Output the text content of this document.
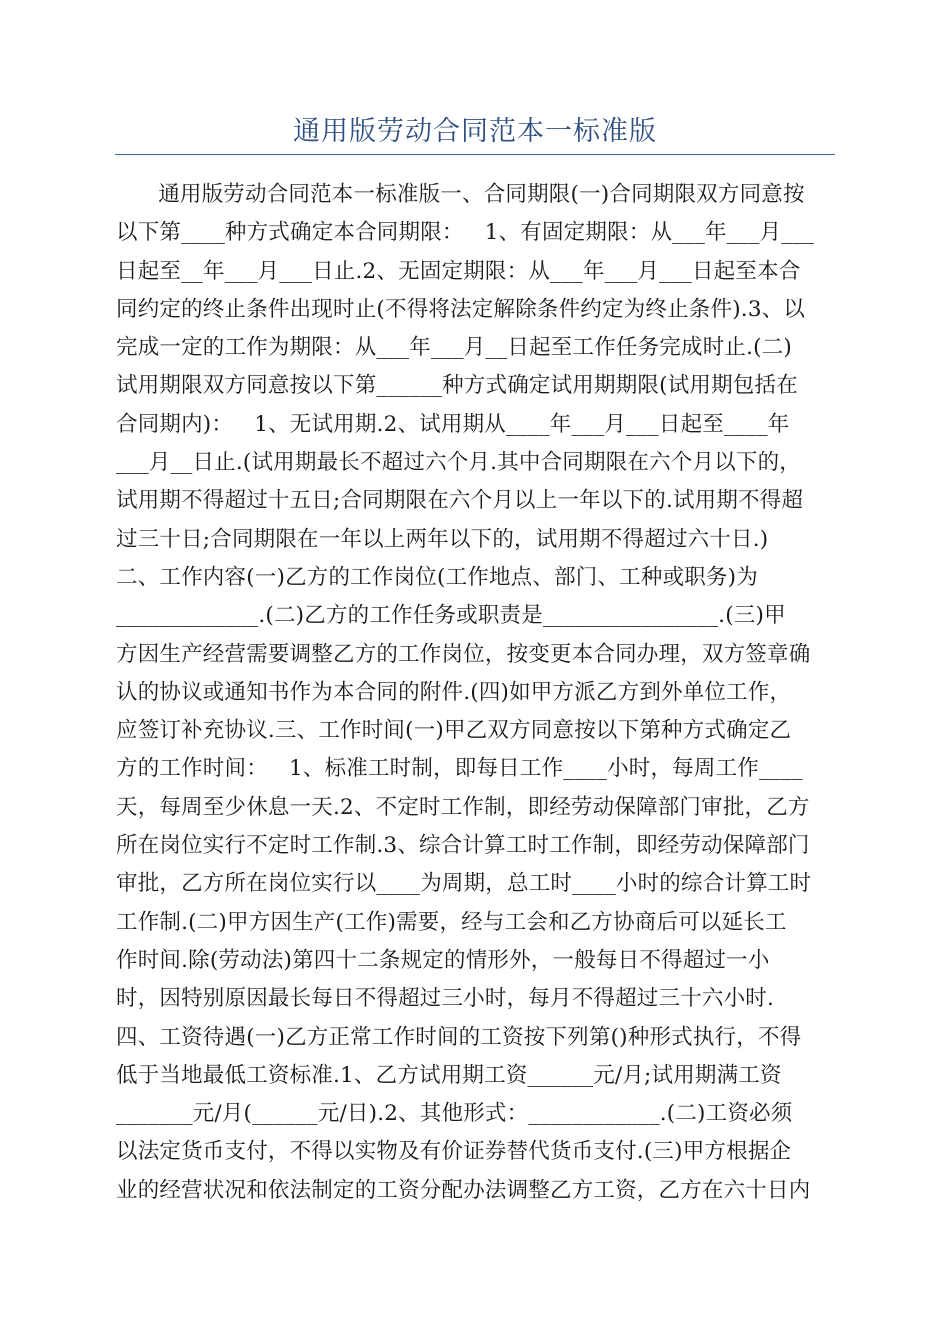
通用版劳动合同范本一标准版
通用版劳动合同范本一标准版一、合同期限(一)合同期限双方同意按
以下第____种方式确定本合同期限：   1、有固定期限：从___年___月___
日起至__年___月___日止.2、无固定期限：从___年___月___日起至本合
同约定的终止条件出现时止(不得将法定解除条件约定为终止条件).3、以
完成一定的工作为期限：从___年___月__日起至工作任务完成时止.(二)
试用期限双方同意按以下第______种方式确定试用期期限(试用期包括在
合同期内)：   1、无试用期.2、试用期从____年___月___日起至____年
___月__日止.(试用期最长不超过六个月.其中合同期限在六个月以下的，
试用期不得超过十五日;合同期限在六个月以上一年以下的.试用期不得超
过三十日;合同期限在一年以上两年以下的，试用期不得超过六十日.)
二、工作内容(一)乙方的工作岗位(工作地点、部门、工种或职务)为
_____________.(二)乙方的工作任务或职责是________________.(三)甲
方因生产经营需要调整乙方的工作岗位，按变更本合同办理，双方签章确
认的协议或通知书作为本合同的附件.(四)如甲方派乙方到外单位工作，
应签订补充协议.三、工作时间(一)甲乙双方同意按以下第种方式确定乙
方的工作时间：   1、标准工时制，即每日工作____小时，每周工作____
天，每周至少休息一天.2、不定时工作制，即经劳动保障部门审批，乙方
所在岗位实行不定时工作制.3、综合计算工时工作制，即经劳动保障部门
审批，乙方所在岗位实行以____为周期，总工时____小时的综合计算工时
工作制.(二)甲方因生产(工作)需要，经与工会和乙方协商后可以延长工
作时间.除(劳动法)第四十二条规定的情形外，一般每日不得超过一小
时，因特别原因最长每日不得超过三小时，每月不得超过三十六小时.
四、工资待遇(一)乙方正常工作时间的工资按下列第()种形式执行，不得
低于当地最低工资标准.1、乙方试用期工资______元/月;试用期满工资
_______元/月(______元/日).2、其他形式：____________.(二)工资必须
以法定货币支付，不得以实物及有价证券替代货币支付.(三)甲方根据企
业的经营状况和依法制定的工资分配办法调整乙方工资，乙方在六十日内
